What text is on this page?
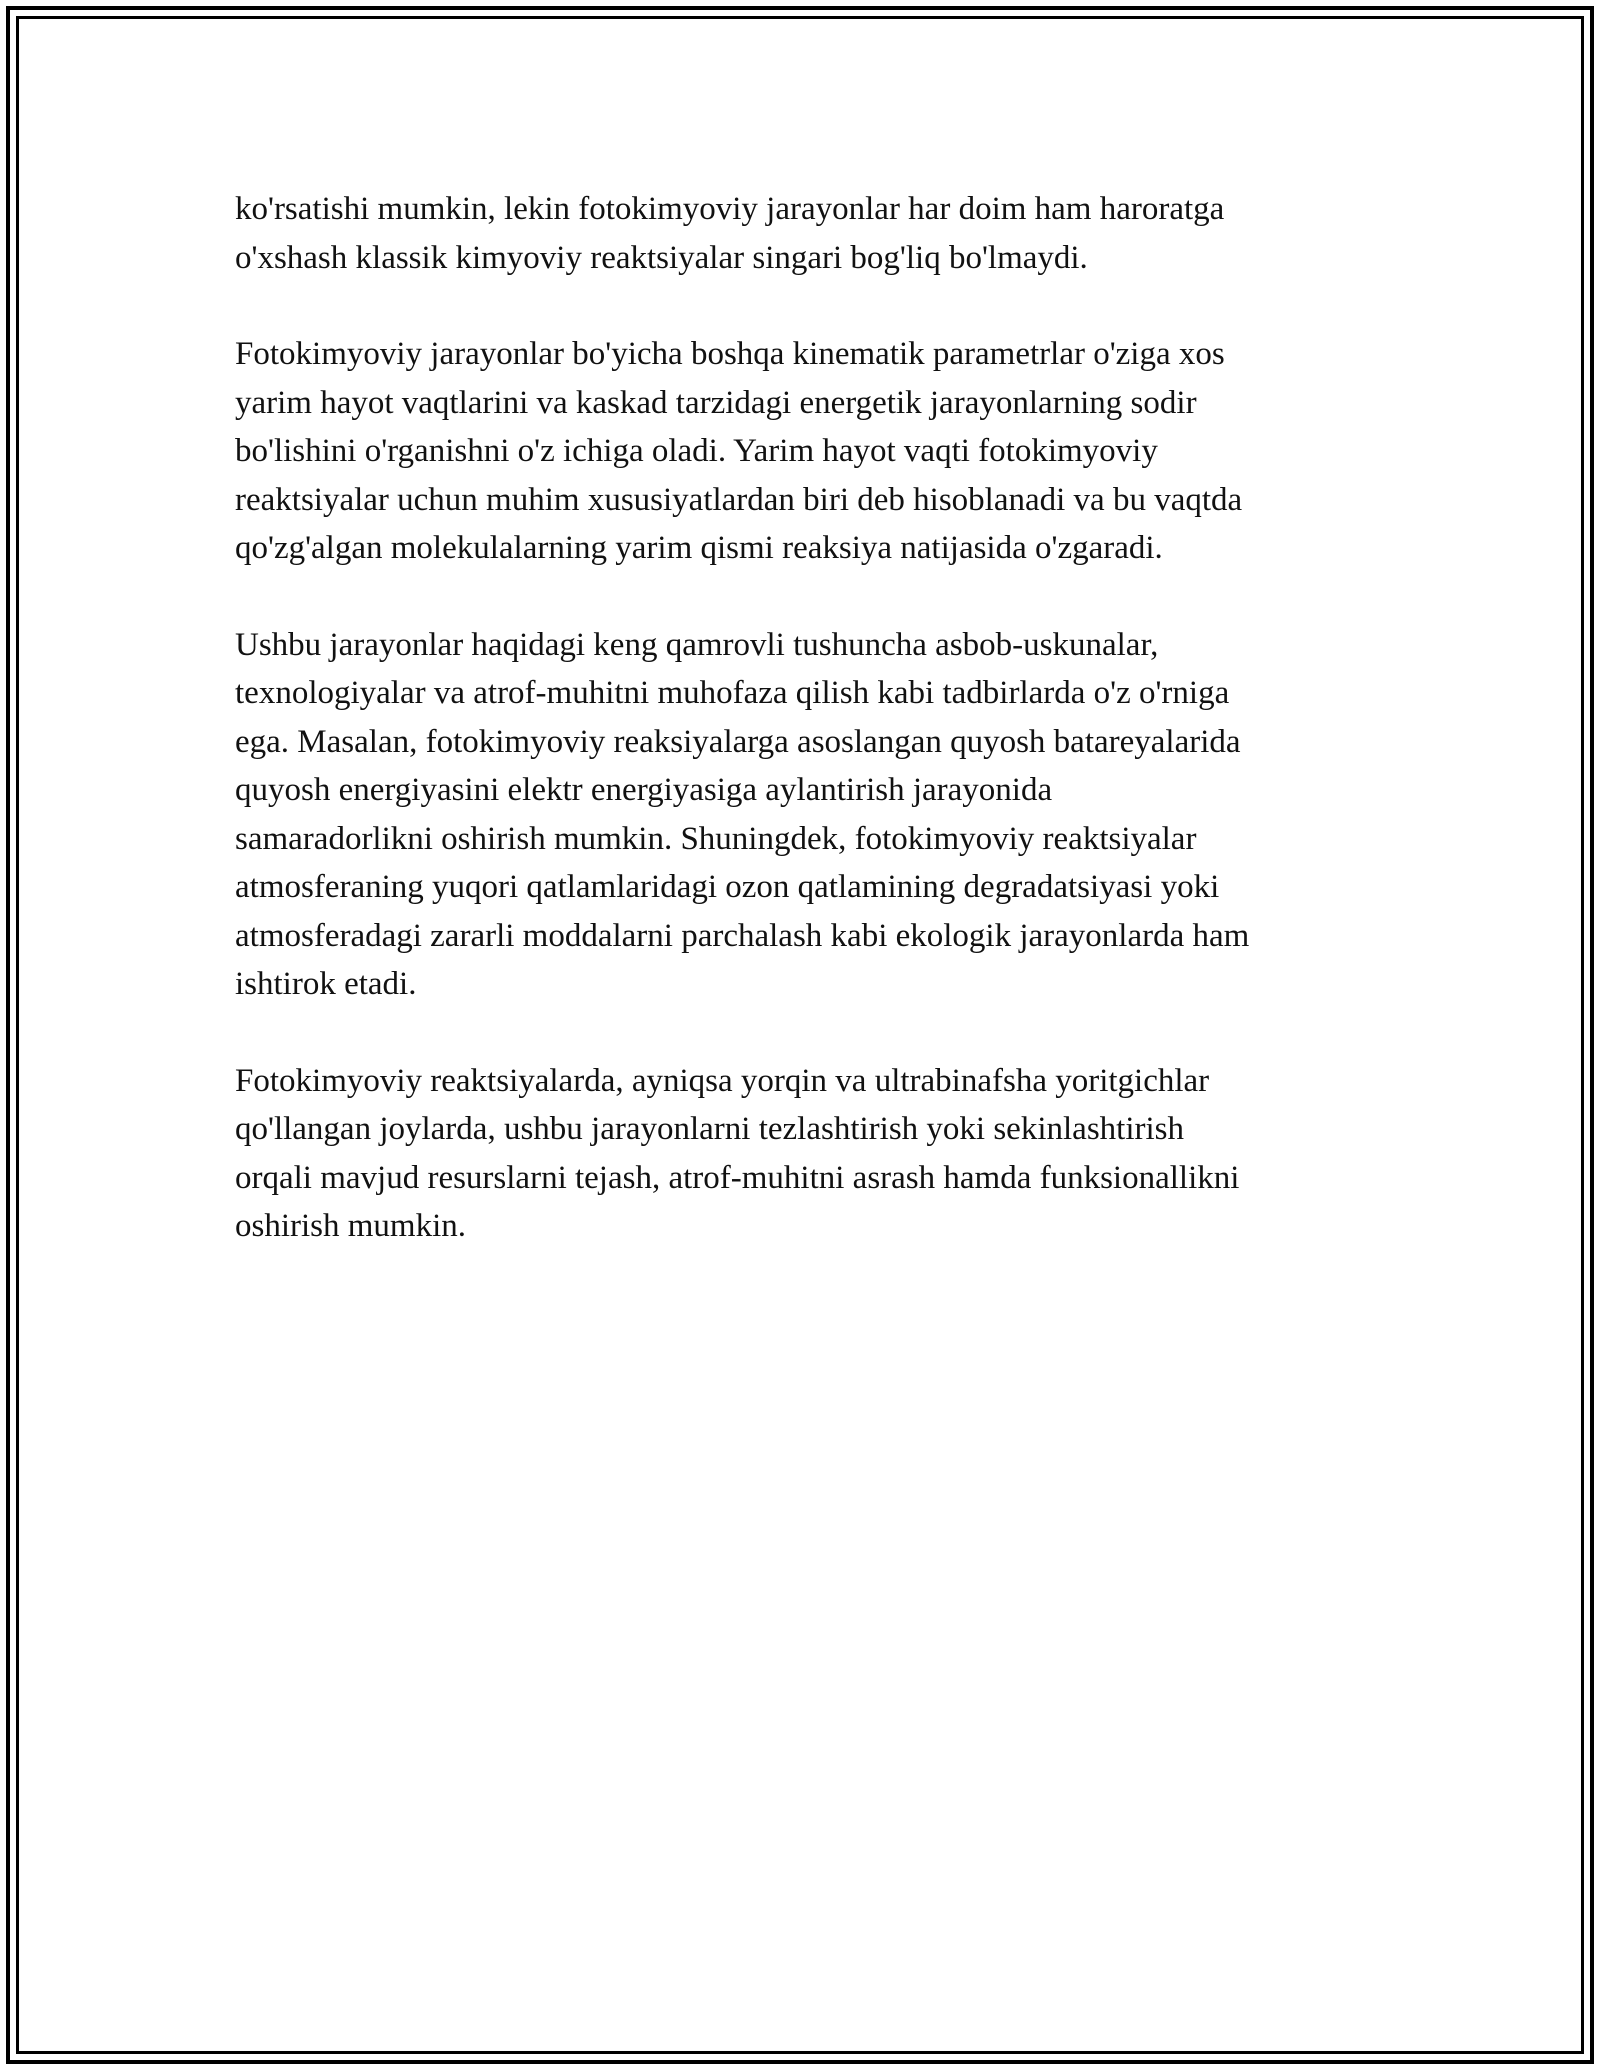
ko'rsatishi mumkin, lekin fotokimyoviy jarayonlar har doim ham haroratga
o'xshash klassik kimyoviy reaktsiyalar singari bog'liq bo'lmaydi.

Fotokimyoviy jarayonlar bo'yicha boshqa kinematik parametrlar o'ziga xos
yarim hayot vaqtlarini va kaskad tarzidagi energetik jarayonlarning sodir
bo'lishini o'rganishni o'z ichiga oladi. Yarim hayot vaqti fotokimyoviy
reaktsiyalar uchun muhim xususiyatlardan biri deb hisoblanadi va bu vaqtda
qo'zg'algan molekulalarning yarim qismi reaksiya natijasida o'zgaradi.

Ushbu jarayonlar haqidagi keng qamrovli tushuncha asbob-uskunalar,
texnologiyalar va atrof-muhitni muhofaza qilish kabi tadbirlarda o'z o'rniga
ega. Masalan, fotokimyoviy reaksiyalarga asoslangan quyosh batareyalarida
quyosh energiyasini elektr energiyasiga aylantirish jarayonida
samaradorlikni oshirish mumkin. Shuningdek, fotokimyoviy reaktsiyalar
atmosferaning yuqori qatlamlaridagi ozon qatlamining degradatsiyasi yoki
atmosferadagi zararli moddalarni parchalash kabi ekologik jarayonlarda ham
ishtirok etadi.

Fotokimyoviy reaktsiyalarda, ayniqsa yorqin va ultrabinafsha yoritgichlar
qo'llangan joylarda, ushbu jarayonlarni tezlashtirish yoki sekinlashtirish
orqali mavjud resurslarni tejash, atrof-muhitni asrash hamda funksionallikni
oshirish mumkin.
